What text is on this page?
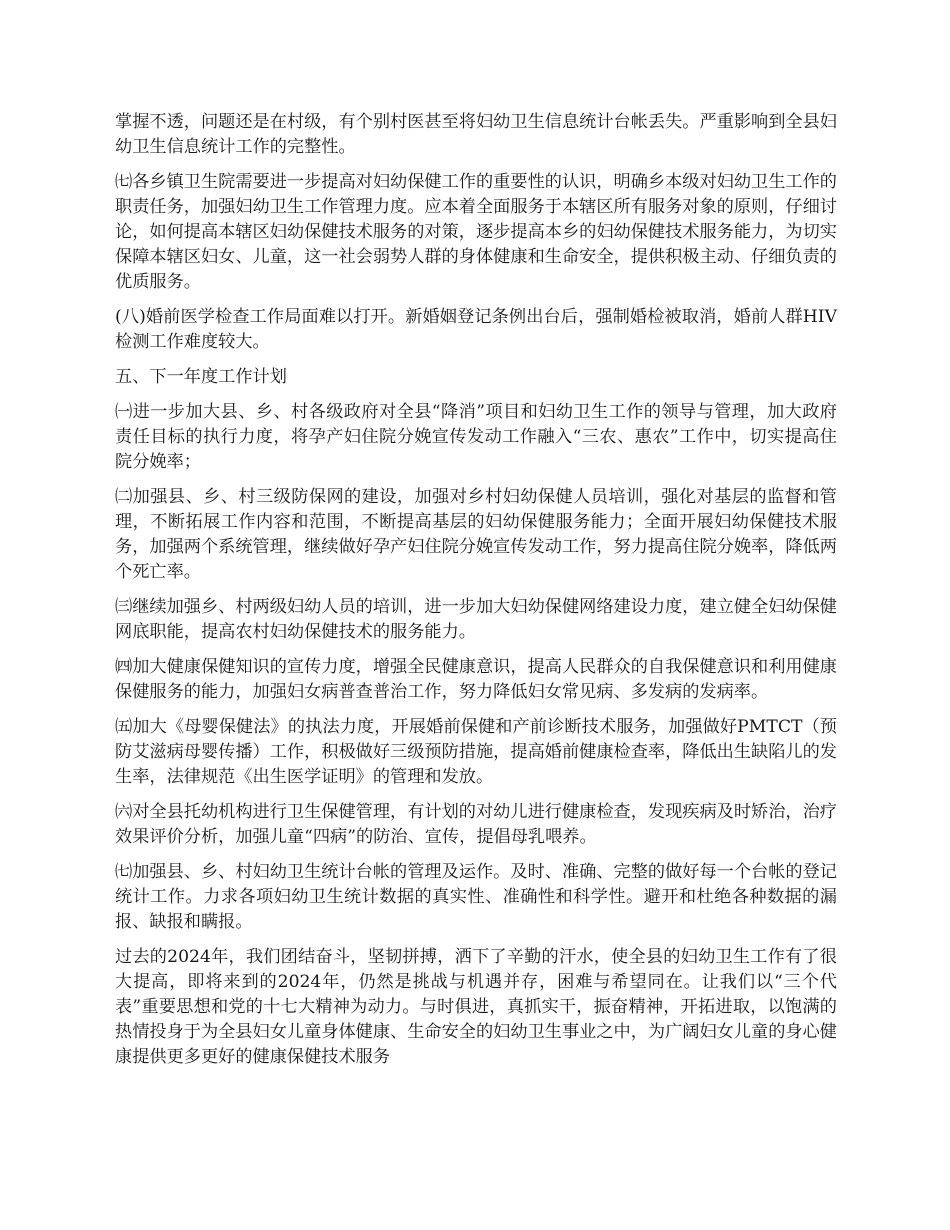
掌握不透，问题还是在村级，有个别村医甚至将妇幼卫生信息统计台帐丢失。严重影响到全县妇幼卫生信息统计工作的完整性。

㈦各乡镇卫生院需要进一步提高对妇幼保健工作的重要性的认识，明确乡本级对妇幼卫生工作的职责任务，加强妇幼卫生工作管理力度。应本着全面服务于本辖区所有服务对象的原则，仔细讨论，如何提高本辖区妇幼保健技术服务的对策，逐步提高本乡的妇幼保健技术服务能力，为切实保障本辖区妇女、儿童，这一社会弱势人群的身体健康和生命安全，提供积极主动、仔细负责的优质服务。

(八)婚前医学检查工作局面难以打开。新婚姻登记条例出台后，强制婚检被取消，婚前人群HIV检测工作难度较大。

五、下一年度工作计划

㈠进一步加大县、乡、村各级政府对全县“降消”项目和妇幼卫生工作的领导与管理，加大政府责任目标的执行力度，将孕产妇住院分娩宣传发动工作融入“三农、惠农”工作中，切实提高住院分娩率；

㈡加强县、乡、村三级防保网的建设，加强对乡村妇幼保健人员培训，强化对基层的监督和管理，不断拓展工作内容和范围，不断提高基层的妇幼保健服务能力；全面开展妇幼保健技术服务，加强两个系统管理，继续做好孕产妇住院分娩宣传发动工作，努力提高住院分娩率，降低两个死亡率。

㈢继续加强乡、村两级妇幼人员的培训，进一步加大妇幼保健网络建设力度，建立健全妇幼保健网底职能，提高农村妇幼保健技术的服务能力。

㈣加大健康保健知识的宣传力度，增强全民健康意识，提高人民群众的自我保健意识和利用健康保健服务的能力，加强妇女病普查普治工作，努力降低妇女常见病、多发病的发病率。

㈤加大《母婴保健法》的执法力度，开展婚前保健和产前诊断技术服务，加强做好PMTCT（预防艾滋病母婴传播）工作，积极做好三级预防措施，提高婚前健康检查率，降低出生缺陷儿的发生率，法律规范《出生医学证明》的管理和发放。

㈥对全县托幼机构进行卫生保健管理，有计划的对幼儿进行健康检查，发现疾病及时矫治，治疗效果评价分析，加强儿童“四病”的防治、宣传，提倡母乳喂养。

㈦加强县、乡、村妇幼卫生统计台帐的管理及运作。及时、准确、完整的做好每一个台帐的登记统计工作。力求各项妇幼卫生统计数据的真实性、准确性和科学性。避开和杜绝各种数据的漏报、缺报和瞒报。

过去的2024年，我们团结奋斗，坚韧拼搏，洒下了辛勤的汗水，使全县的妇幼卫生工作有了很大提高，即将来到的2024年，仍然是挑战与机遇并存，困难与希望同在。让我们以“三个代表”重要思想和党的十七大精神为动力。与时俱进，真抓实干，振奋精神，开拓进取，以饱满的热情投身于为全县妇女儿童身体健康、生命安全的妇幼卫生事业之中，为广阔妇女儿童的身心健康提供更多更好的健康保健技术服务
